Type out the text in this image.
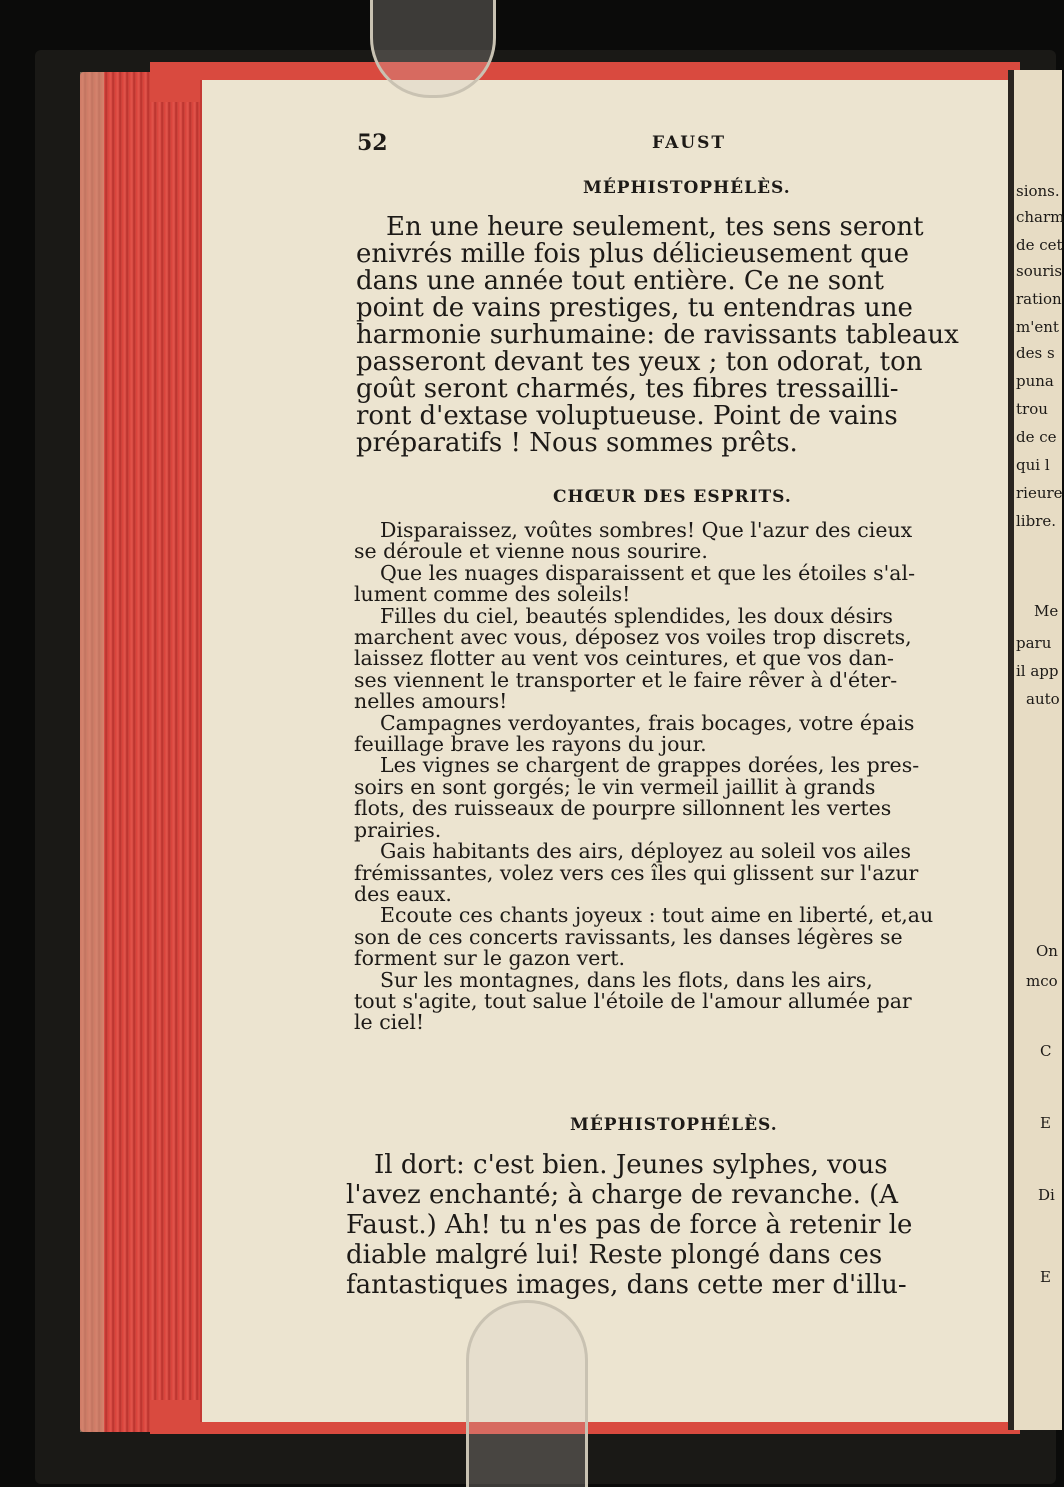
52	FAUST
MÉPHISTOPHÉLÈS.
En une heure seulement, tes sens seront
enivrés mille fois plus délicieusement que
dans une année tout entière. Ce ne sont
point de vains prestiges, tu entendras une
harmonie surhumaine: de ravissants tableaux
passeront devant tes yeux ; ton odorat, ton
goût seront charmés, tes fibres tressailli-
ront d'extase voluptueuse. Point de vains
préparatifs ! Nous sommes prêts.
CHŒUR DES ESPRITS.
Disparaissez, voûtes sombres! Que l'azur des cieux
se déroule et vienne nous sourire.
Que les nuages disparaissent et que les étoiles s'al-
lument comme des soleils!
Filles du ciel, beautés splendides, les doux désirs
marchent avec vous, déposez vos voiles trop discrets,
laissez flotter au vent vos ceintures, et que vos dan-
ses viennent le transporter et le faire rêver à d'éter-
nelles amours!
Campagnes verdoyantes, frais bocages, votre épais
feuillage brave les rayons du jour.
Les vignes se chargent de grappes dorées, les pres-
soirs en sont gorgés; le vin vermeil jaillit à grands
flots, des ruisseaux de pourpre sillonnent les vertes
prairies.
Gais habitants des airs, déployez au soleil vos ailes
frémissantes, volez vers ces îles qui glissent sur l'azur
des eaux.
Ecoute ces chants joyeux : tout aime en liberté, et,au
son de ces concerts ravissants, les danses légères se
forment sur le gazon vert.
Sur les montagnes, dans les flots, dans les airs,
tout s'agite, tout salue l'étoile de l'amour allumée par
le ciel!
MÉPHISTOPHÉLÈS.
Il dort: c'est bien. Jeunes sylphes, vous
l'avez enchanté; à charge de revanche. (A
Faust.) Ah! tu n'es pas de force à retenir le
diable malgré lui! Reste plongé dans ces
fantastiques images, dans cette mer d'illu-
sions.
charm
de cet
souris
ration
m'ent
des s
puna
trou
de ce
qui l
rieure
libre.
Me
paru
il app
auto
On
mco
C
E
Di
E
